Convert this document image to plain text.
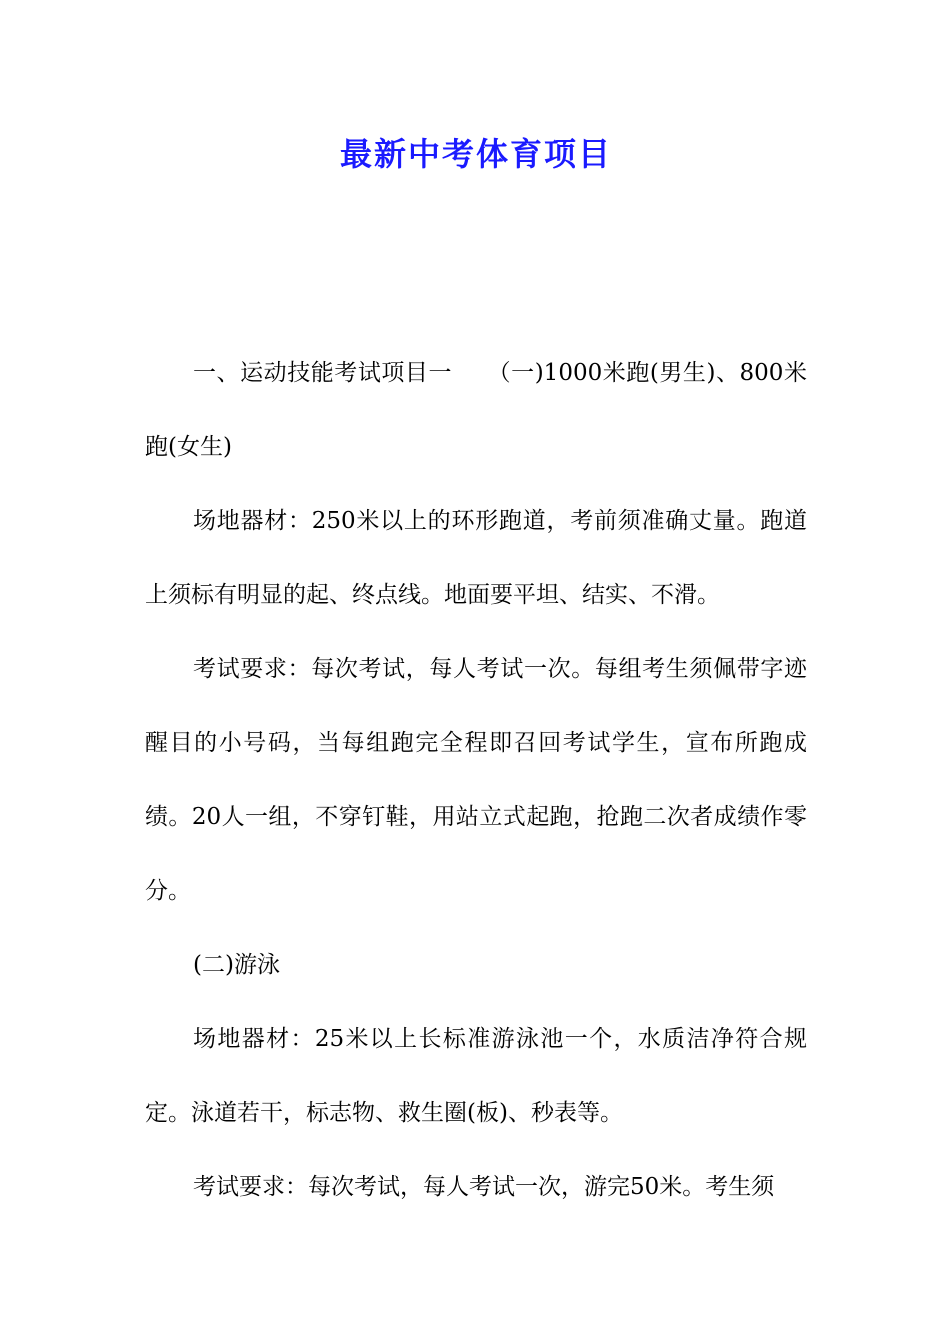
最新中考体育项目

一、运动技能考试项目一　　（一)1000米跑(男生)、800米跑(女生)

场地器材：250米以上的环形跑道，考前须准确丈量。跑道上须标有明显的起、终点线。地面要平坦、结实、不滑。

考试要求：每次考试，每人考试一次。每组考生须佩带字迹醒目的小号码，当每组跑完全程即召回考试学生，宣布所跑成绩。20人一组，不穿钉鞋，用站立式起跑，抢跑二次者成绩作零分。

(二)游泳

场地器材：25米以上长标准游泳池一个，水质洁净符合规定。泳道若干，标志物、救生圈(板)、秒表等。

考试要求：每次考试，每人考试一次，游完50米。考生须
